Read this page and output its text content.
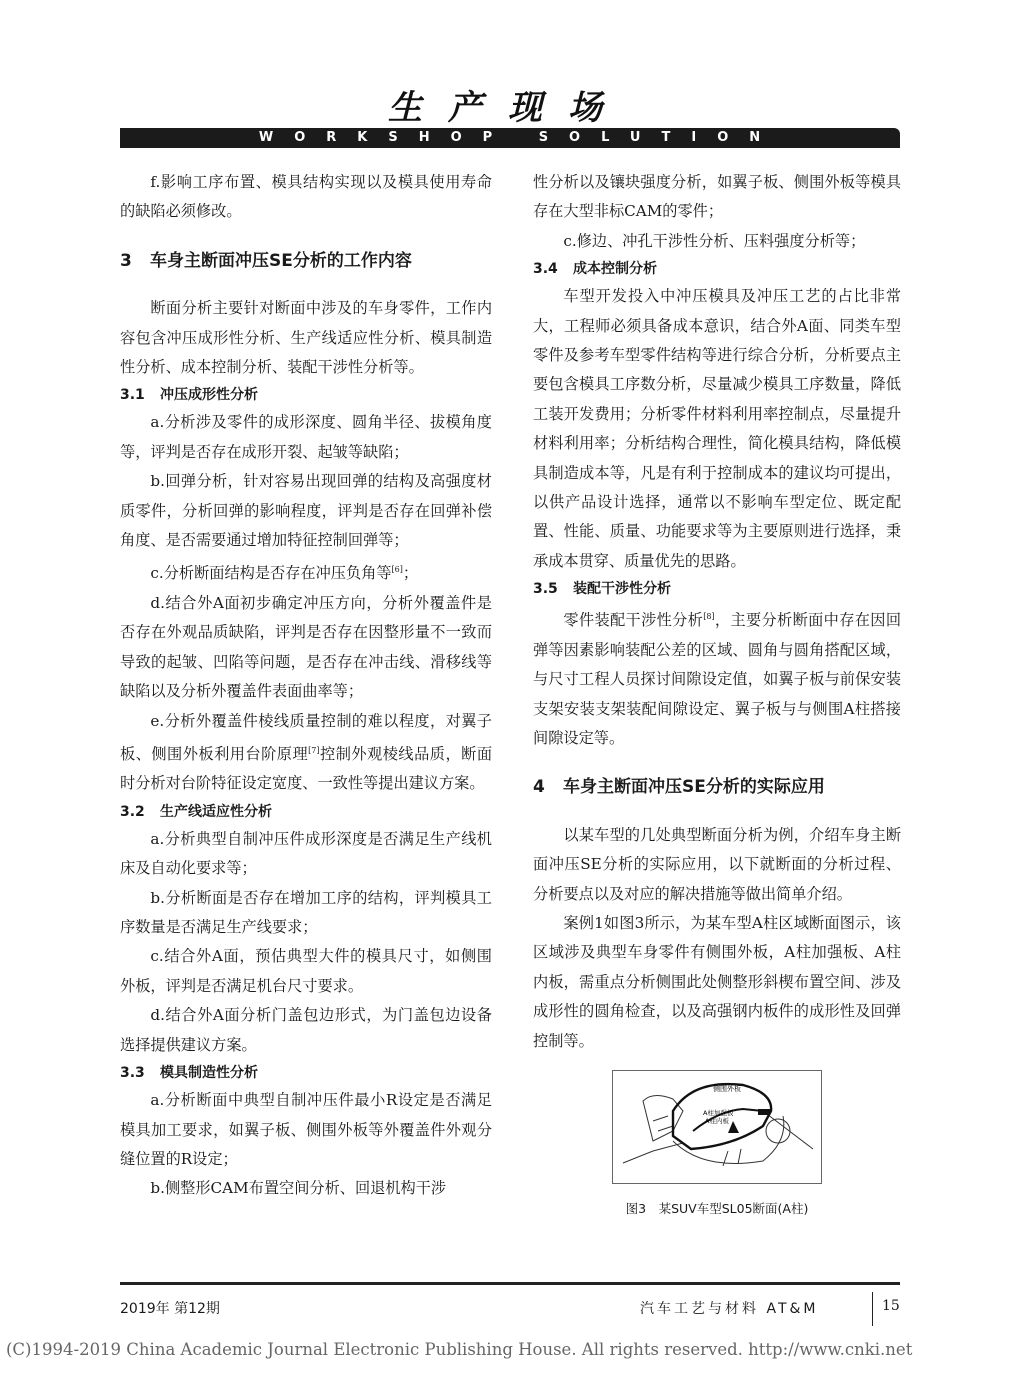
生产现场
WORKSHOP SOLUTION

f.影响工序布置、模具结构实现以及模具使用寿命的缺陷必须修改。

3 车身主断面冲压SE分析的工作内容

断面分析主要针对断面中涉及的车身零件，工作内容包含冲压成形性分析、生产线适应性分析、模具制造性分析、成本控制分析、装配干涉性分析等。

3.1 冲压成形性分析

a.分析涉及零件的成形深度、圆角半径、拔模角度等，评判是否存在成形开裂、起皱等缺陷；

b.回弹分析，针对容易出现回弹的结构及高强度材质零件，分析回弹的影响程度，评判是否存在回弹补偿角度、是否需要通过增加特征控制回弹等；

c.分析断面结构是否存在冲压负角等[6]；

d.结合外A面初步确定冲压方向，分析外覆盖件是否存在外观品质缺陷，评判是否存在因整形量不一致而导致的起皱、凹陷等问题，是否存在冲击线、滑移线等缺陷以及分析外覆盖件表面曲率等；

e.分析外覆盖件棱线质量控制的难以程度，对翼子板、侧围外板利用台阶原理[7]控制外观棱线品质，断面时分析对台阶特征设定宽度、一致性等提出建议方案。

3.2 生产线适应性分析

a.分析典型自制冲压件成形深度是否满足生产线机床及自动化要求等；

b.分析断面是否存在增加工序的结构，评判模具工序数量是否满足生产线要求；

c.结合外A面，预估典型大件的模具尺寸，如侧围外板，评判是否满足机台尺寸要求。

d.结合外A面分析门盖包边形式，为门盖包边设备选择提供建议方案。

3.3 模具制造性分析

a.分析断面中典型自制冲压件最小R设定是否满足模具加工要求，如翼子板、侧围外板等外覆盖件外观分缝位置的R设定；

b.侧整形CAM布置空间分析、回退机构干涉

性分析以及镶块强度分析，如翼子板、侧围外板等模具存在大型非标CAM的零件；

c.修边、冲孔干涉性分析、压料强度分析等；

3.4 成本控制分析

车型开发投入中冲压模具及冲压工艺的占比非常大，工程师必须具备成本意识，结合外A面、同类车型零件及参考车型零件结构等进行综合分析，分析要点主要包含模具工序数分析，尽量减少模具工序数量，降低工装开发费用；分析零件材料利用率控制点，尽量提升材料利用率；分析结构合理性，简化模具结构，降低模具制造成本等，凡是有利于控制成本的建议均可提出，以供产品设计选择，通常以不影响车型定位、既定配置、性能、质量、功能要求等为主要原则进行选择，秉承成本贯穿、质量优先的思路。

3.5 装配干涉性分析

零件装配干涉性分析[8]，主要分析断面中存在因回弹等因素影响装配公差的区域、圆角与圆角搭配区域，与尺寸工程人员探讨间隙设定值，如翼子板与前保安装支架安装支架装配间隙设定、翼子板与与侧围A柱搭接间隙设定等。

4 车身主断面冲压SE分析的实际应用

以某车型的几处典型断面分析为例，介绍车身主断面冲压SE分析的实际应用，以下就断面的分析过程、分析要点以及对应的解决措施等做出简单介绍。

案例1如图3所示，为某车型A柱区域断面图示，该区域涉及典型车身零件有侧围外板，A柱加强板、A柱内板，需重点分析侧围此处侧整形斜楔布置空间、涉及成形性的圆角检查，以及高强钢内板件的成形性及回弹控制等。

侧围外板
A柱加强板
A柱内板
图3　某SUV车型SL05断面(A柱)
2019年 第12期	汽车工艺与材料 AT&M	15
(C)1994-2019 China Academic Journal Electronic Publishing House. All rights reserved. http://www.cnki.net
